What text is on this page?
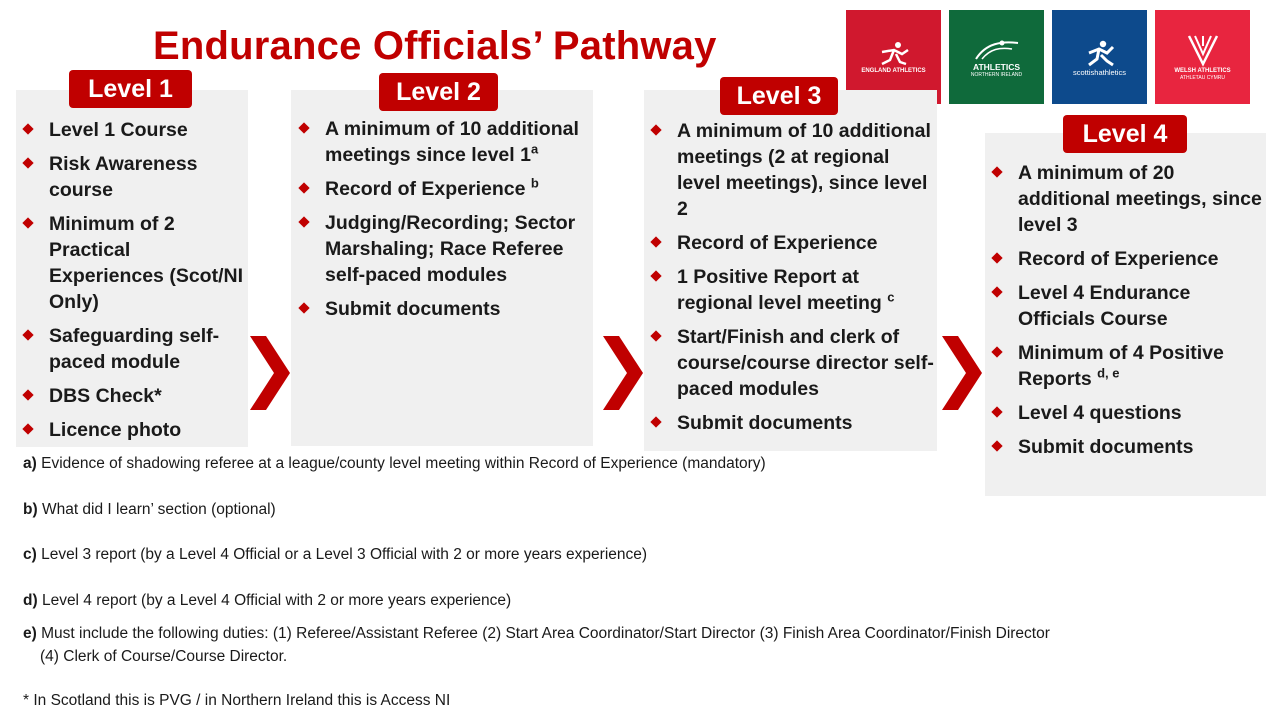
Endurance Officials’ Pathway
ENGLAND ATHLETICS	ATHLETICS
NORTHERN IRELAND	scottishathletics	WELSH ATHLETICS
ATHLETAU CYMRU
Level 1
Level 1 Course
Risk Awareness course
Minimum of 2 Practical Experiences (Scot/NI Only)
Safeguarding self-paced module
DBS Check*
Licence photo
Level 2
A minimum of 10 additional meetings since level 1$^a$
Record of Experience $^b$
Judging/Recording; Sector Marshaling; Race Referee self-paced modules
Submit documents
Level 3
A minimum of 10 additional meetings (2 at regional level meetings), since level 2
Record of Experience
1 Positive Report at regional level meeting $^c$
Start/Finish and clerk of course/course director self-paced modules
Submit documents
Level 4
A minimum of 20 additional meetings, since level 3
Record of Experience
Level 4 Endurance Officials Course
Minimum of 4 Positive Reports $^{d, e}$
Level 4 questions
Submit documents
a) Evidence of shadowing referee at a league/county level meeting within Record of Experience (mandatory)
b) What did I learn’ section (optional)
c) Level 3 report (by a Level 4 Official or a Level 3 Official with 2 or more years experience)
d) Level 4 report (by a Level 4 Official with 2 or more years experience)
e) Must include the following duties: (1) Referee/Assistant Referee (2) Start Area Coordinator/Start Director (3) Finish Area Coordinator/Finish Director
(4) Clerk of Course/Course Director.
* In Scotland this is PVG / in Northern Ireland this is Access NI
